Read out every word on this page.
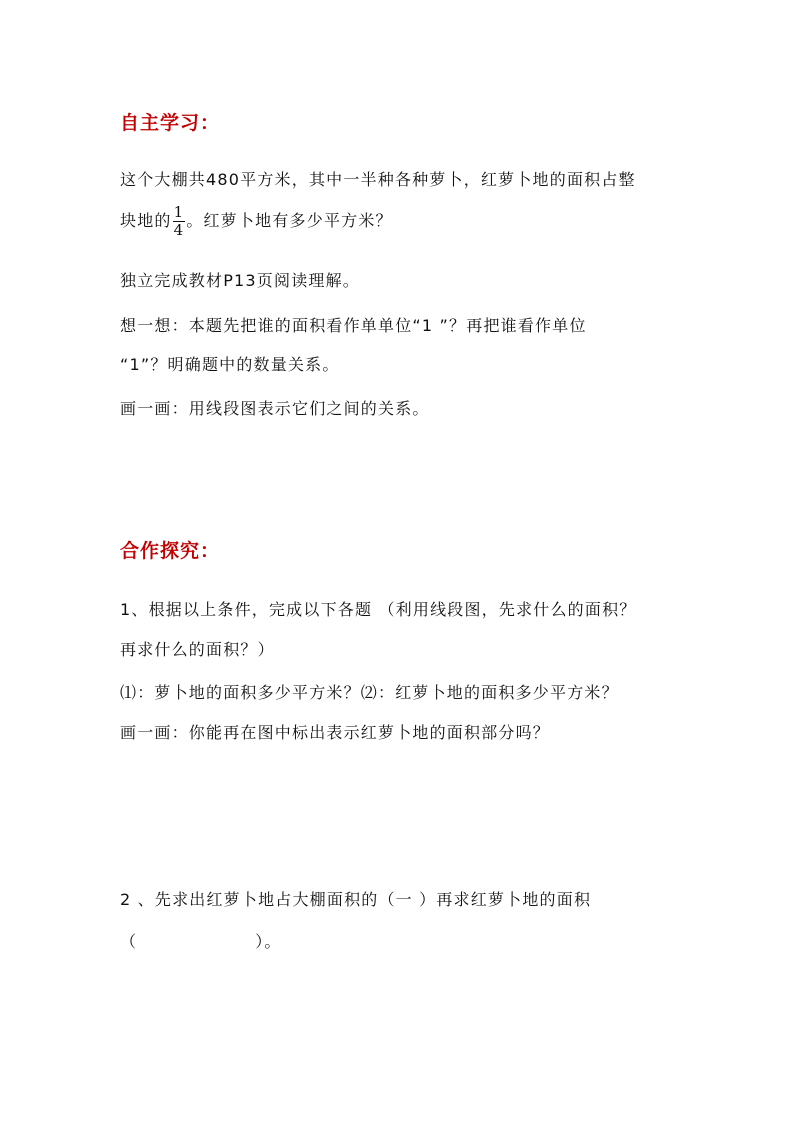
自主学习：
这个大棚共480平方米，其中一半种各种萝卜，红萝卜地的面积占整
块地的 $\frac{1}{4}$ 。红萝卜地有多少平方米？
独立完成教材P13页阅读理解。
想一想：本题先把谁的面积看作单单位“1 ”？再把谁看作单位
“1”？明确题中的数量关系。
画一画：用线段图表示它们之间的关系。
合作探究：
1、根据以上条件，完成以下各题 （利用线段图，先求什么的面积？
再求什么的面积？）
⑴：萝卜地的面积多少平方米？⑵：红萝卜地的面积多少平方米？
画一画：你能再在图中标出表示红萝卜地的面积部分吗？
2 、先求出红萝卜地占大棚面积的（一 ）再求红萝卜地的面积
（	）。
